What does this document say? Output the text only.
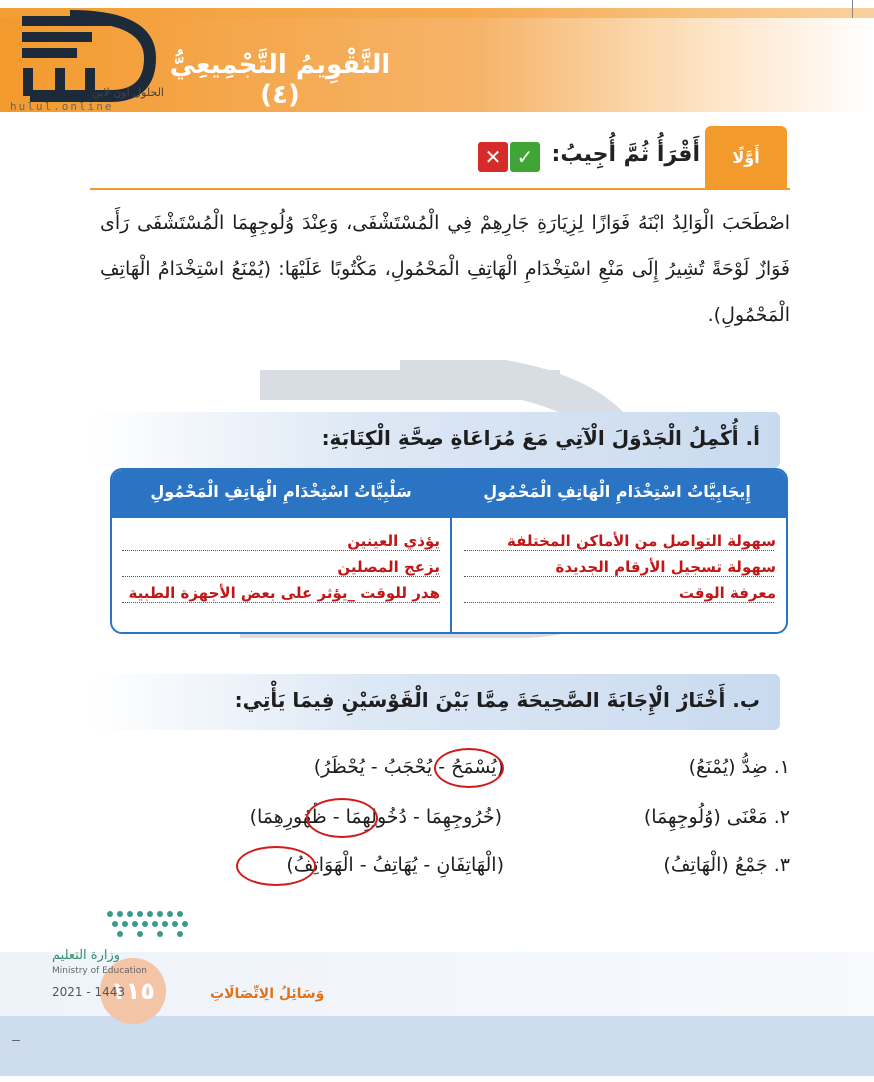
التَّقْوِيمُ التَّجْمِيعِيُّ (٤)
الحلول اون لاين
hulul.online
أَوَّلًا
أَقْرَأُ ثُمَّ أُجِيبُ:
✓
✕
اصْطَحَبَ الْوَالِدُ ابْنَهُ فَوَازًا لِزِيَارَةِ جَارِهِمْ فِي الْمُسْتَشْفَى، وَعِنْدَ وُلُوجِهِمَا الْمُسْتَشْفَى رَأَى فَوَازٌ لَوْحَةً تُشِيرُ إِلَى مَنْعِ اسْتِخْدَامِ الْهَاتِفِ الْمَحْمُولِ، مَكْتُوبًا عَلَيْهَا: (يُمْنَعُ اسْتِخْدَامُ الْهَاتِفِ الْمَحْمُولِ).
أ. أُكْمِلُ الْجَدْوَلَ الْآتِي مَعَ مُرَاعَاةِ صِحَّةِ الْكِتَابَةِ:
إِيجَابِيَّاتُ اسْتِخْدَامِ الْهَاتِفِ الْمَحْمُولِ
سَلْبِيَّاتُ اسْتِخْدَامِ الْهَاتِفِ الْمَحْمُولِ
سهولة التواصل من الأماكن المختلفة
سهولة تسجيل الأرقام الجديدة
معرفة الوقت
يؤذي العينين
يزعج المصلين
هدر للوقت _يؤثر على بعض الأجهزة الطبية
ب. أَخْتَارُ الْإِجَابَةَ الصَّحِيحَةَ مِمَّا بَيْنَ الْقَوْسَيْنِ فِيمَا يَأْتِي:
١. ضِدُّ (يُمْنَعُ)
(يُسْمَحُ - يُحْجَبُ - يُحْظَرُ)
٢. مَعْنَى (وُلُوجِهِمَا)
(خُرُوجِهِمَا - دُخُولِهِمَا - ظُهُورِهِمَا)
٣. جَمْعُ (الْهَاتِفُ)
(الْهَاتِفَانِ - يُهَاتِفُ - الْهَوَاتِفُ)
١١٥
وزارة التعليم
Ministry of Education
2021 - 1443	وَسَائِلُ الِاتِّصَالَاتِ
